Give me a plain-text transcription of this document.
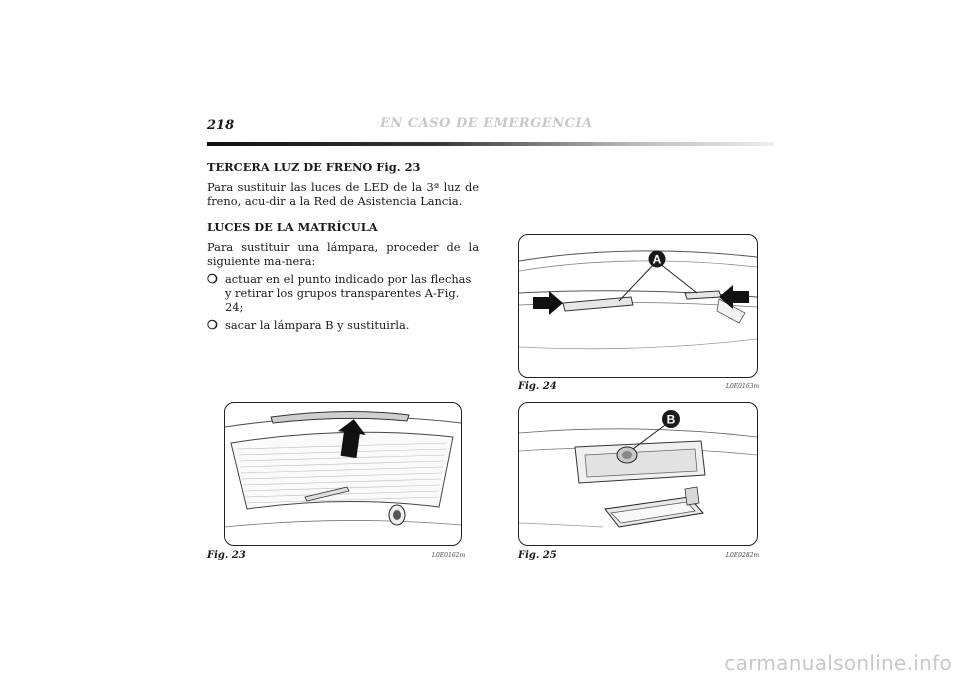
218	EN CASO DE EMERGENCIA
TERCERA LUZ DE FRENO Fig. 23
Para sustituir las luces de LED de la 3ª luz de freno, acu-dir a la Red de Asistencia Lancia.
LUCES DE LA MATRÍCULA
Para sustituir una lámpara, proceder de la siguiente ma-nera:
❍ actuar en el punto indicado por las flechas y retirar los grupos transparentes A-Fig. 24;
❍ sacar la lámpara B y sustituirla.
A
Fig. 24	L0E0163m
Fig. 23	L0E0162m
B
Fig. 25	L0E0282m
carmanualsonline.info
